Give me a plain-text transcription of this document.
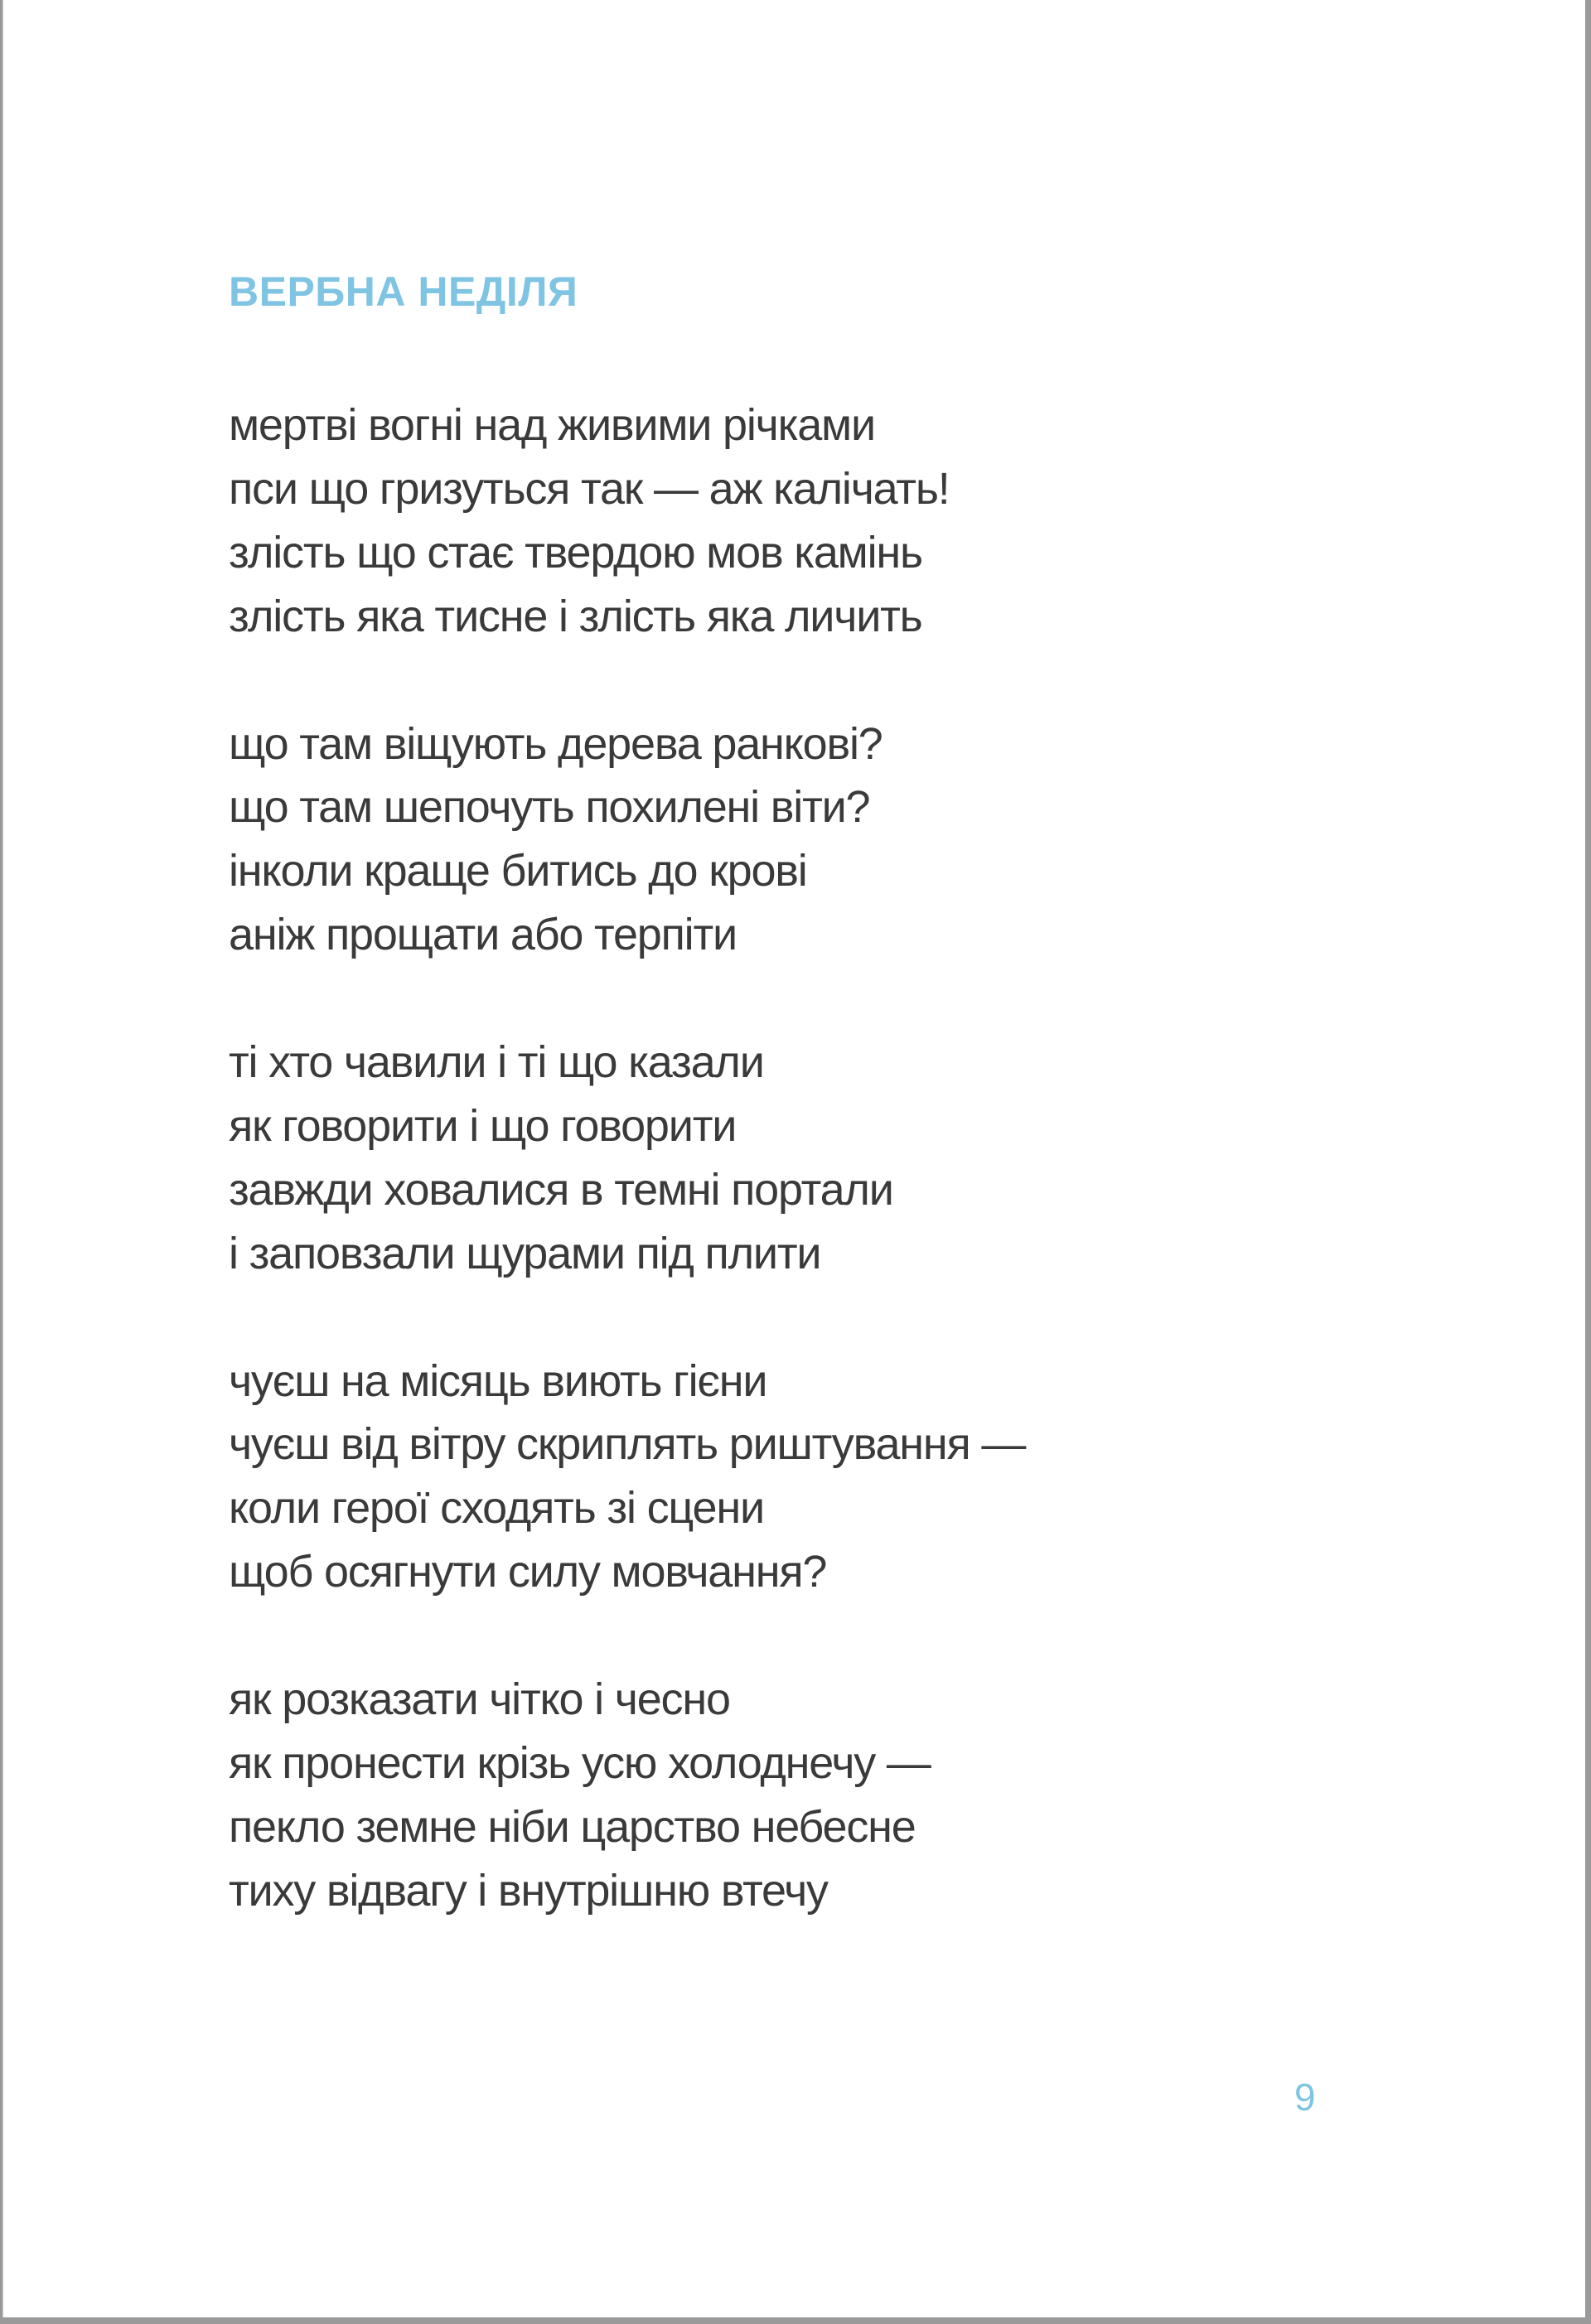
ВЕРБНА НЕДІЛЯ
мертві вогні над живими річками
пси що гризуться так — аж калічать!
злість що стає твердою мов камінь
злість яка тисне і злість яка личить
що там віщують дерева ранкові?
що там шепочуть похилені віти?
інколи краще битись до крові
аніж прощати або терпіти
ті хто чавили і ті що казали
як говорити і що говорити
завжди ховалися в темні портали
і заповзали щурами під плити
чуєш на місяць виють гієни
чуєш від вітру скриплять риштування —
коли герої сходять зі сцени
щоб осягнути силу мовчання?
як розказати чітко і чесно
як пронести крізь усю холоднечу —
пекло земне ніби царство небесне
тиху відвагу і внутрішню втечу
9
